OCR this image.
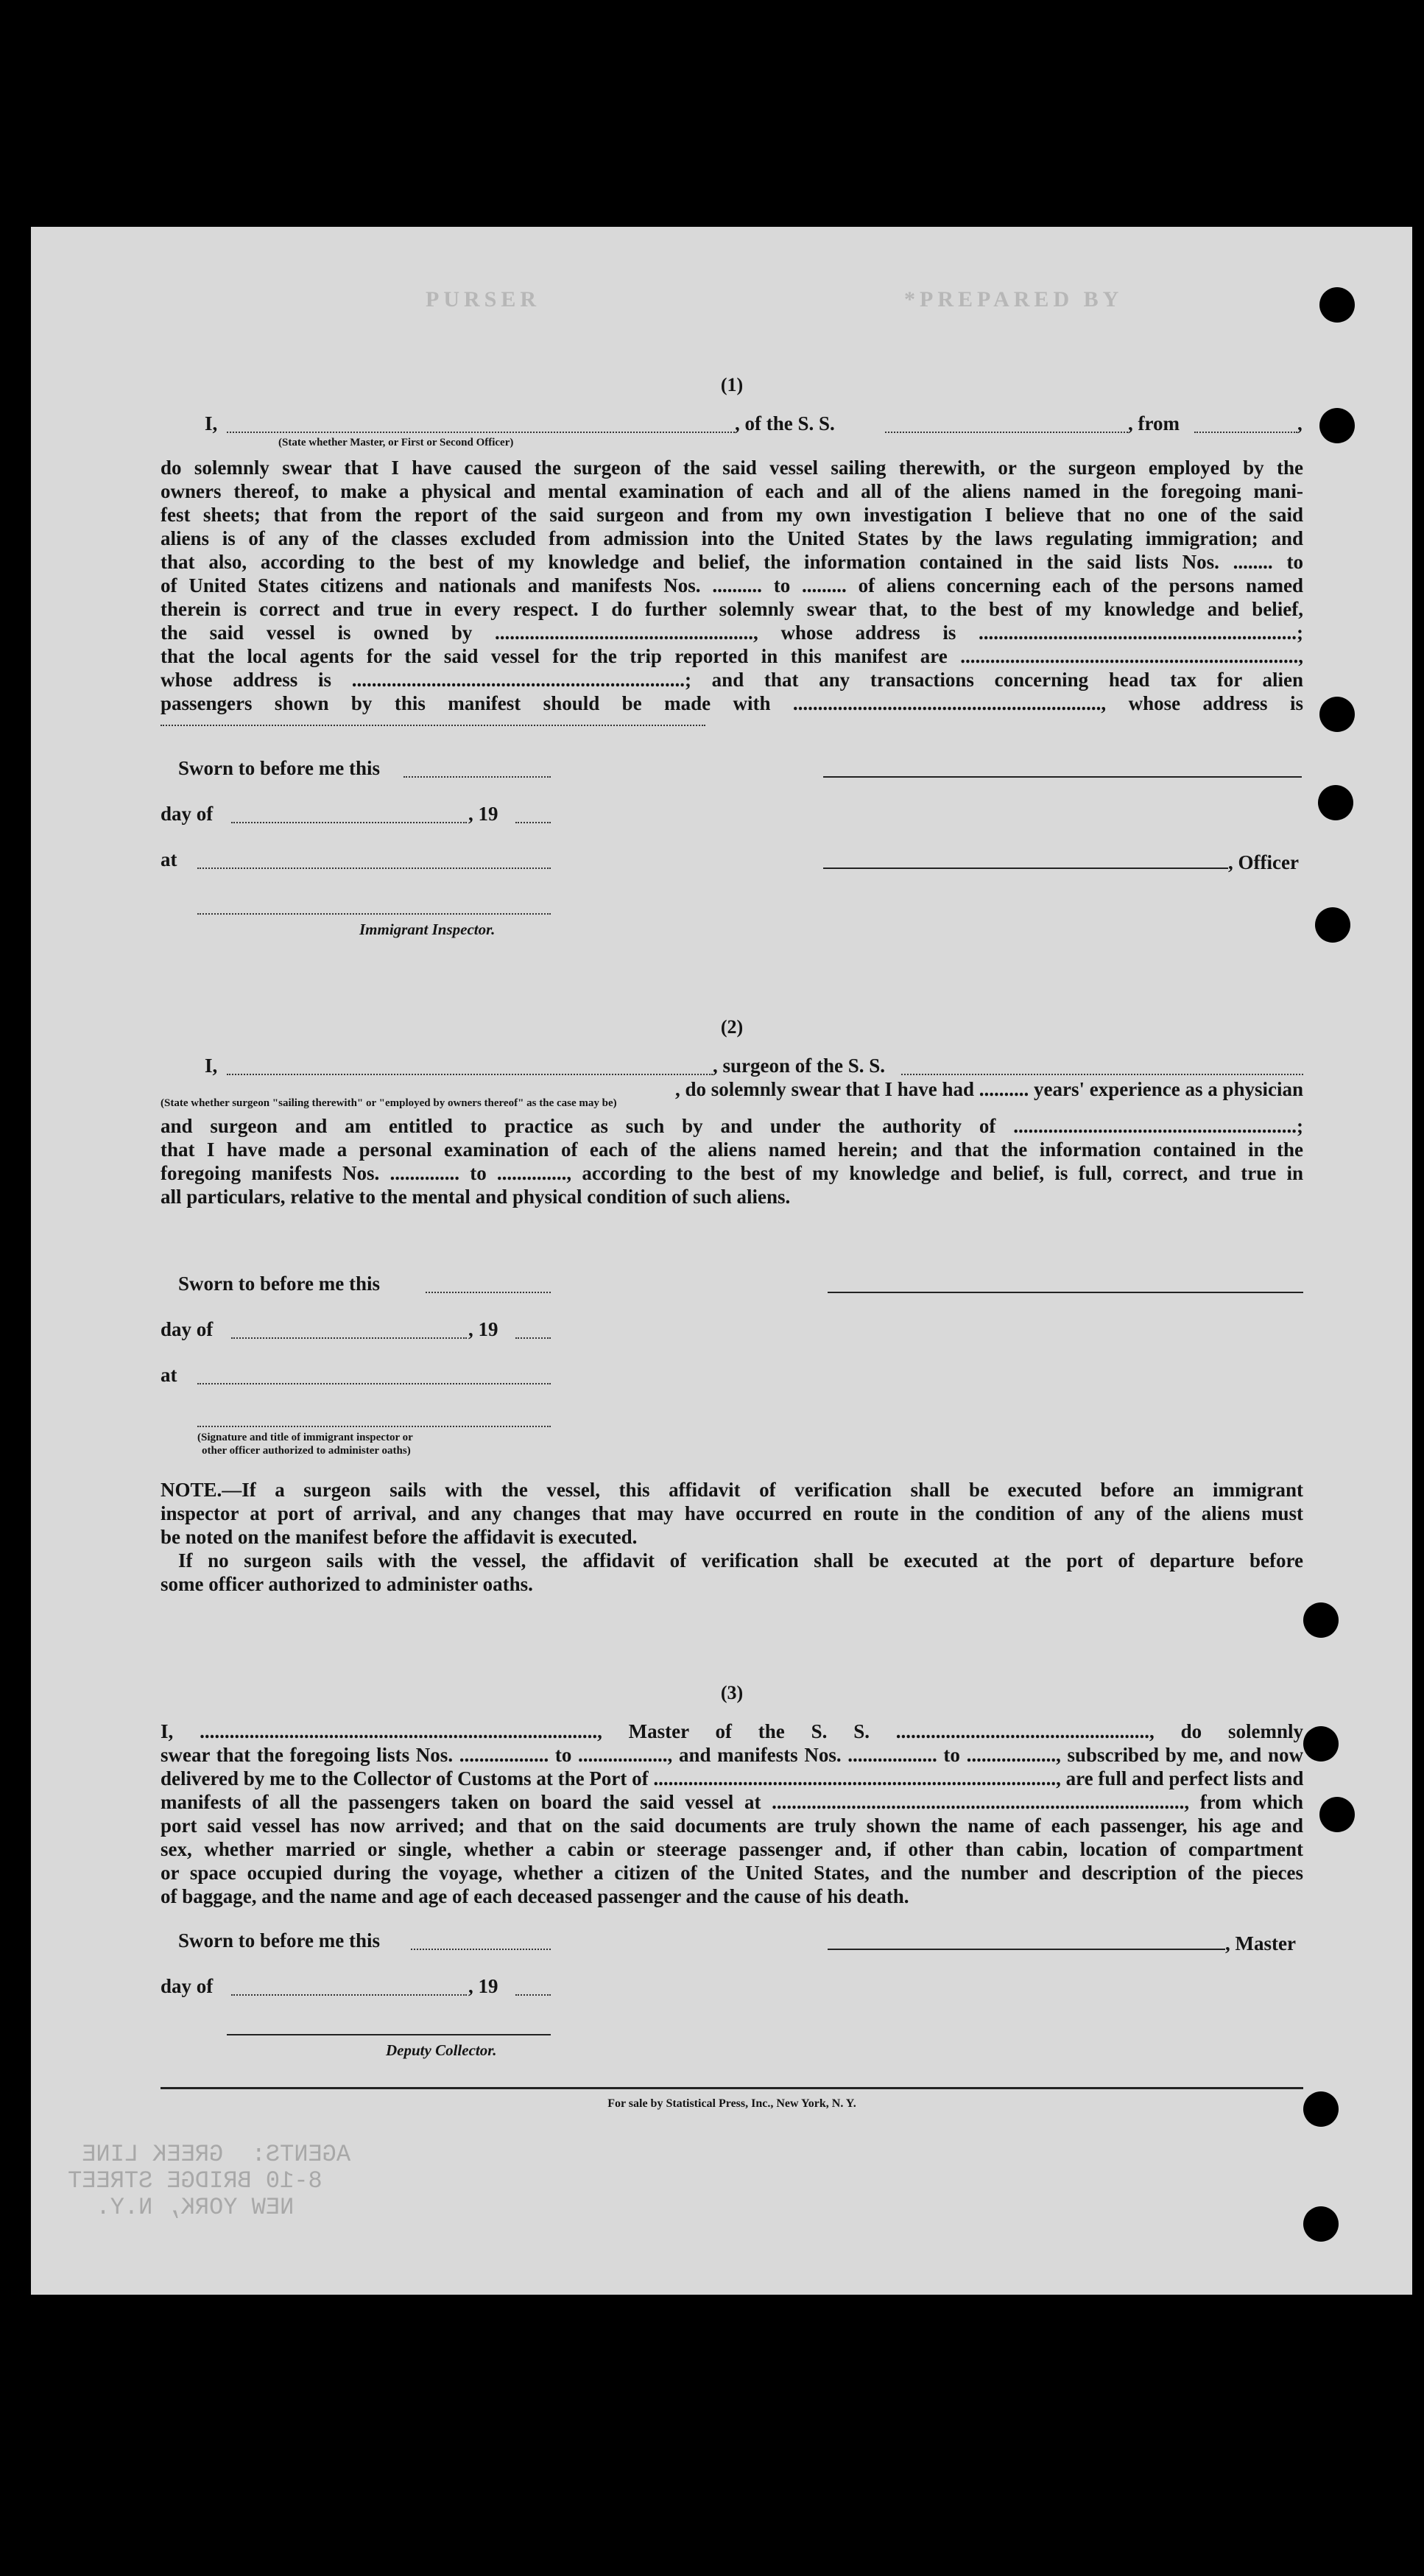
PURSER	*PREPARED BY
(1)
I,	, of the S. S.	, from	,
(State whether Master, or First or Second Officer)
do solemnly swear that I have caused the surgeon of the said vessel sailing therewith, or the surgeon employed by the
owners thereof, to make a physical and mental examination of each and all of the aliens named in the foregoing mani-
fest sheets; that from the report of the said surgeon and from my own investigation I believe that no one of the said
aliens is of any of the classes excluded from admission into the United States by the laws regulating immigration; and
that also, according to the best of my knowledge and belief, the information contained in the said lists Nos. ........ to
of United States citizens and nationals and manifests Nos. .......... to ......... of aliens concerning each of the persons named
therein is correct and true in every respect. I do further solemnly swear that, to the best of my knowledge and belief,
the said vessel is owned by ...................................................., whose address is ................................................................;
that the local agents for the said vessel for the trip reported in this manifest are ....................................................................,
whose address is ...................................................................; and that any transactions concerning head tax for alien
passengers shown by this manifest should be made with .............................................................., whose address is
Sworn to before me this
day of	, 19
at	, Officer
Immigrant Inspector.
(2)
I,	, surgeon of the S. S.
, do solemnly swear that I have had .......... years' experience as a physician
(State whether surgeon "sailing therewith" or "employed by owners thereof" as the case may be)
and surgeon and am entitled to practice as such by and under the authority of .........................................................;
that I have made a personal examination of each of the aliens named herein; and that the information contained in the
foregoing manifests Nos. .............. to .............., according to the best of my knowledge and belief, is full, correct, and true in
all particulars, relative to the mental and physical condition of such aliens.
Sworn to before me this
day of	, 19
at
(Signature and title of immigrant inspector or
other officer authorized to administer oaths)
NOTE.—If a surgeon sails with the vessel, this affidavit of verification shall be executed before an immigrant
inspector at port of arrival, and any changes that may have occurred en route in the condition of any of the aliens must
be noted on the manifest before the affidavit is executed.
If no surgeon sails with the vessel, the affidavit of verification shall be executed at the port of departure before
some officer authorized to administer oaths.
(3)
I, ................................................................................, Master of the S. S. ..................................................., do solemnly
swear that the foregoing lists Nos. .................. to .................., and manifests Nos. .................. to .................., subscribed by me, and now
delivered by me to the Collector of Customs at the Port of ................................................................................., are full and perfect lists and
manifests of all the passengers taken on board the said vessel at ..................................................................................., from which
port said vessel has now arrived; and that on the said documents are truly shown the name of each passenger, his age and
sex, whether married or single, whether a cabin or steerage passenger and, if other than cabin, location of compartment
or space occupied during the voyage, whether a citizen of the United States, and the number and description of the pieces
of baggage, and the name and age of each deceased passenger and the cause of his death.
Sworn to before me this	, Master
day of	, 19
Deputy Collector.
For sale by Statistical Press, Inc., New York, N. Y.
AGENTS:  GREEK LINE
8-10 BRIDGE STREET
NEW YORK, N.Y.
